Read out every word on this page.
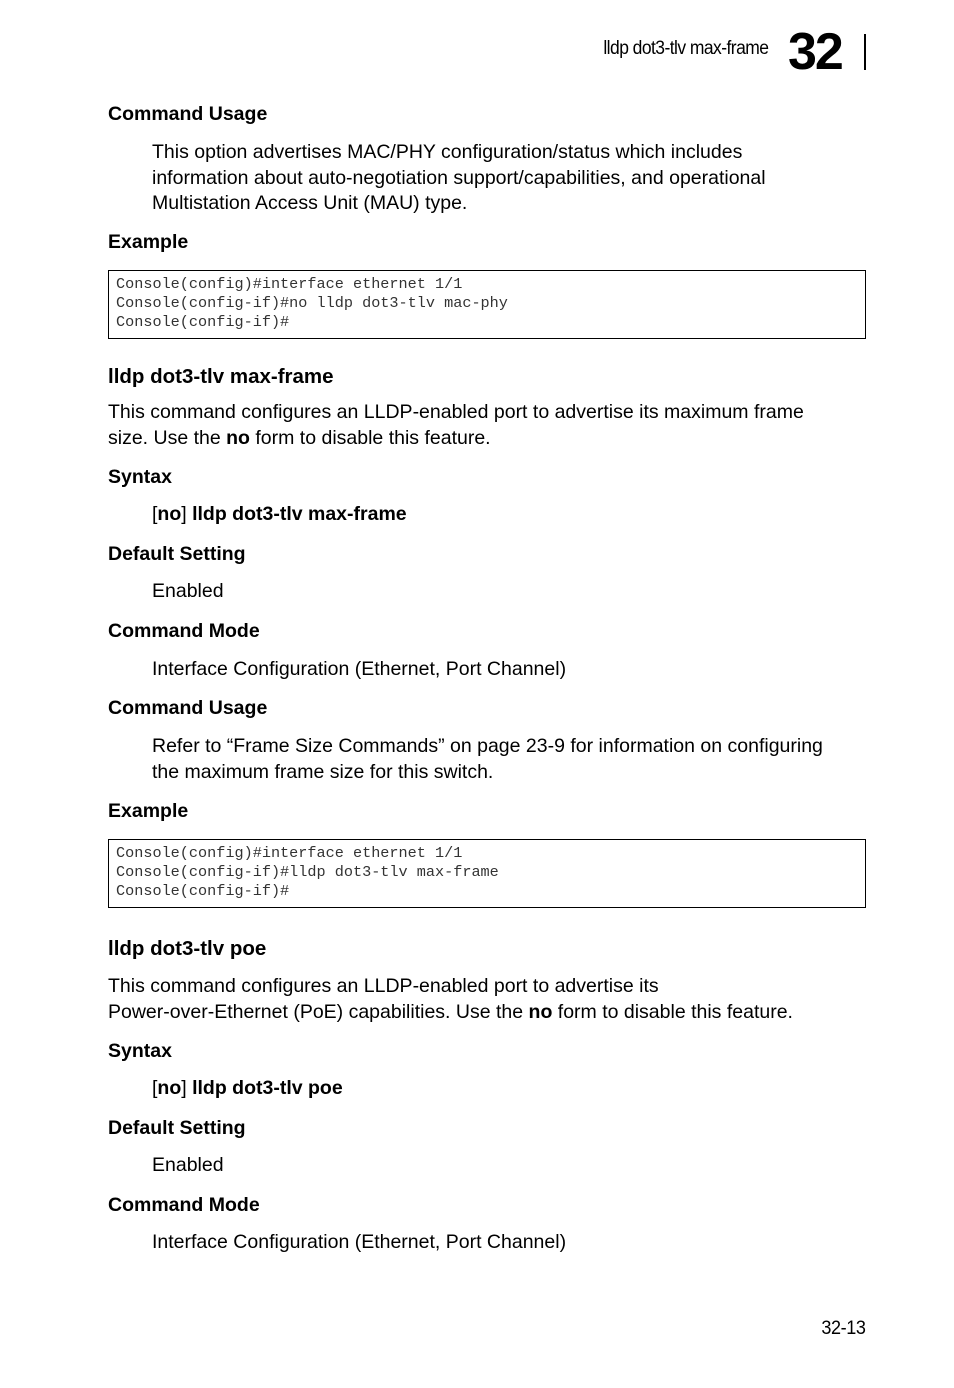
lldp dot3-tlv max-frame 32
Command Usage
This option advertises MAC/PHY configuration/status which includes
information about auto-negotiation support/capabilities, and operational
Multistation Access Unit (MAU) type.
Example
Console(config)#interface ethernet 1/1
Console(config-if)#no lldp dot3-tlv mac-phy
Console(config-if)#
lldp dot3-tlv max-frame
This command configures an LLDP-enabled port to advertise its maximum frame
size. Use the no form to disable this feature.
Syntax
[no] lldp dot3-tlv max-frame
Default Setting
Enabled
Command Mode
Interface Configuration (Ethernet, Port Channel)
Command Usage
Refer to “Frame Size Commands” on page 23-9 for information on configuring
the maximum frame size for this switch.
Example
Console(config)#interface ethernet 1/1
Console(config-if)#lldp dot3-tlv max-frame
Console(config-if)#
lldp dot3-tlv poe
This command configures an LLDP-enabled port to advertise its
Power-over-Ethernet (PoE) capabilities. Use the no form to disable this feature.
Syntax
[no] lldp dot3-tlv poe
Default Setting
Enabled
Command Mode
Interface Configuration (Ethernet, Port Channel)
32-13
